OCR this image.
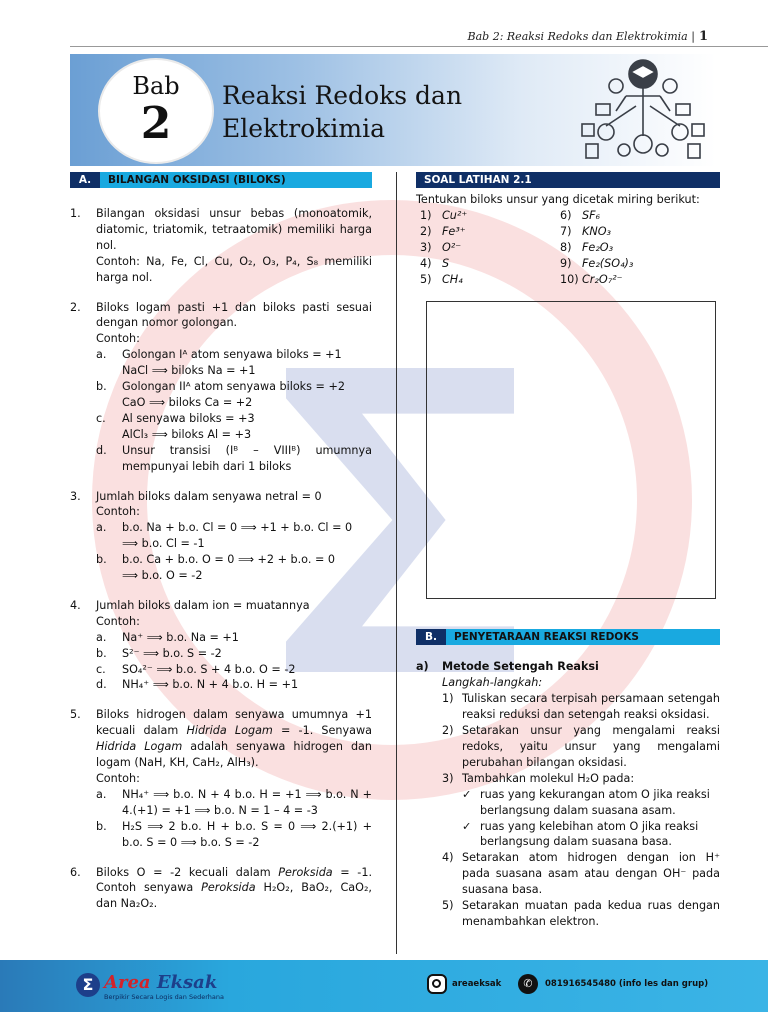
Bab 2: Reaksi Redoks dan Elektrokimia | 1
Bab
2
Reaksi Redoks dan
Elektrokimia
A.	BILANGAN OKSIDASI (BILOKS)
1.	Bilangan oksidasi unsur bebas (monoatomik, diatomic, triatomik, tetraatomik) memiliki harga nol.
Contoh: Na, Fe, Cl, Cu, O₂, O₃, P₄, S₈ memiliki harga nol.
2.	Biloks logam pasti +1 dan biloks pasti sesuai dengan nomor golongan.
Contoh:
a.	Golongan Iᴬ atom senyawa biloks = +1
NaCl ⟹ biloks Na = +1
b.	Golongan IIᴬ atom senyawa biloks = +2
CaO ⟹ biloks Ca = +2
c.	Al senyawa biloks = +3
AlCl₃ ⟹ biloks Al = +3
d.	Unsur transisi (Iᴮ – VIIIᴮ) umumnya mempunyai lebih dari 1 biloks
3.	Jumlah biloks dalam senyawa netral = 0
Contoh:
a.	b.o. Na + b.o. Cl = 0 ⟹ +1 + b.o. Cl = 0
⟹ b.o. Cl = -1
b.	b.o. Ca + b.o. O = 0 ⟹ +2 + b.o. = 0
⟹ b.o. O = -2
4.	Jumlah biloks dalam ion = muatannya
Contoh:
a.	Na⁺ ⟹ b.o. Na = +1
b.	S²⁻ ⟹ b.o. S = -2
c.	SO₄²⁻ ⟹ b.o. S + 4 b.o. O = -2
d.	NH₄⁺ ⟹ b.o. N + 4 b.o. H = +1
5.	Biloks hidrogen dalam senyawa umumnya +1 kecuali dalam Hidrida Logam = -1. Senyawa Hidrida Logam adalah senyawa hidrogen dan logam (NaH, KH, CaH₂, AlH₃).
Contoh:
a.	NH₄⁺ ⟹ b.o. N + 4 b.o. H = +1 ⟹ b.o. N + 4.(+1) = +1 ⟹ b.o. N = 1 – 4 = -3
b.	H₂S ⟹ 2 b.o. H + b.o. S = 0 ⟹ 2.(+1) + b.o. S = 0 ⟹ b.o. S = -2
6.	Biloks O = -2 kecuali dalam Peroksida = -1. Contoh senyawa Peroksida H₂O₂, BaO₂, CaO₂, dan Na₂O₂.
SOAL LATIHAN 2.1
Tentukan biloks unsur yang dicetak miring berikut:
1) Cu²⁺	6) SF₆
2) Fe³⁺	7) KNO₃
3) O²⁻	8) Fe₂O₃
4) S	9) Fe₂(SO₄)₃
5) CH₄	10) Cr₂O₇²⁻
B.	PENYETARAAN REAKSI REDOKS
a)	Metode Setengah Reaksi
Langkah-langkah:
1) Tuliskan secara terpisah persamaan setengah reaksi reduksi dan setengah reaksi oksidasi.
2) Setarakan unsur yang mengalami reaksi redoks, yaitu unsur yang mengalami perubahan bilangan oksidasi.
3) Tambahkan molekul H₂O pada:
✓ ruas yang kekurangan atom O jika reaksi berlangsung dalam suasana asam.
✓ ruas yang kelebihan atom O jika reaksi berlangsung dalam suasana basa.
4) Setarakan atom hidrogen dengan ion H⁺ pada suasana asam atau dengan OH⁻ pada suasana basa.
5) Setarakan muatan pada kedua ruas dengan menambahkan elektron.
Σ Area Eksak
Berpikir Secara Logis dan Sederhana
areaeksak	✆	081916545480 (info les dan grup)
